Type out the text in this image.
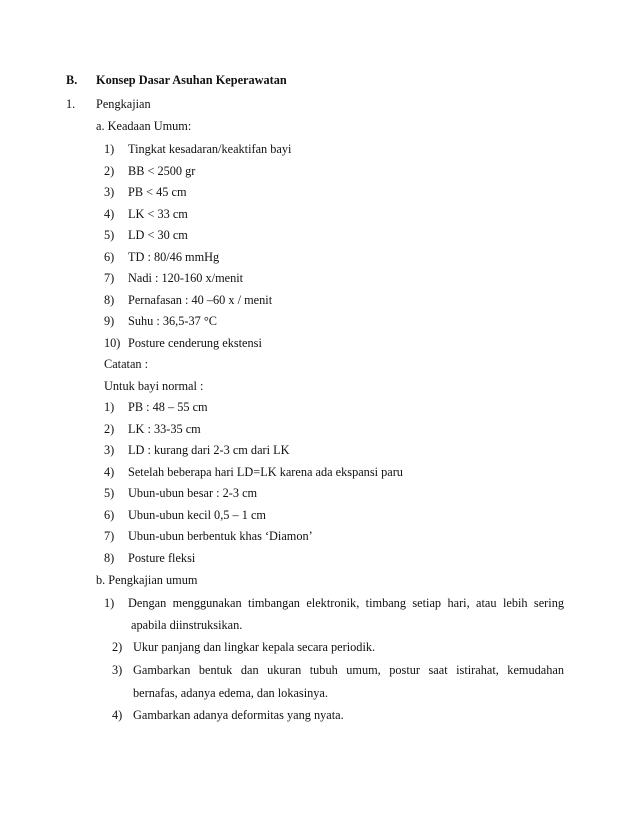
B. Konsep Dasar Asuhan Keperawatan
1. Pengkajian
a. Keadaan Umum:
1) Tingkat kesadaran/keaktifan bayi
2) BB < 2500 gr
3) PB < 45 cm
4) LK < 33 cm
5) LD < 30 cm
6) TD : 80/46 mmHg
7) Nadi : 120-160 x/menit
8) Pernafasan : 40 –60 x / menit
9) Suhu : 36,5-37 °C
10) Posture cenderung ekstensi
Catatan :
Untuk bayi normal :
1) PB : 48 – 55 cm
2) LK : 33-35 cm
3) LD : kurang dari 2-3 cm dari LK
4) Setelah beberapa hari LD=LK karena ada ekspansi paru
5) Ubun-ubun besar : 2-3 cm
6) Ubun-ubun kecil 0,5 – 1 cm
7) Ubun-ubun berbentuk khas ‘Diamon’
8) Posture fleksi
b. Pengkajian umum
1) Dengan menggunakan timbangan elektronik, timbang setiap hari, atau lebih sering
apabila diinstruksikan.
2) Ukur panjang dan lingkar kepala secara periodik.
3) Gambarkan bentuk dan ukuran tubuh umum, postur saat istirahat, kemudahan
bernafas, adanya edema, dan lokasinya.
4) Gambarkan adanya deformitas yang nyata.
